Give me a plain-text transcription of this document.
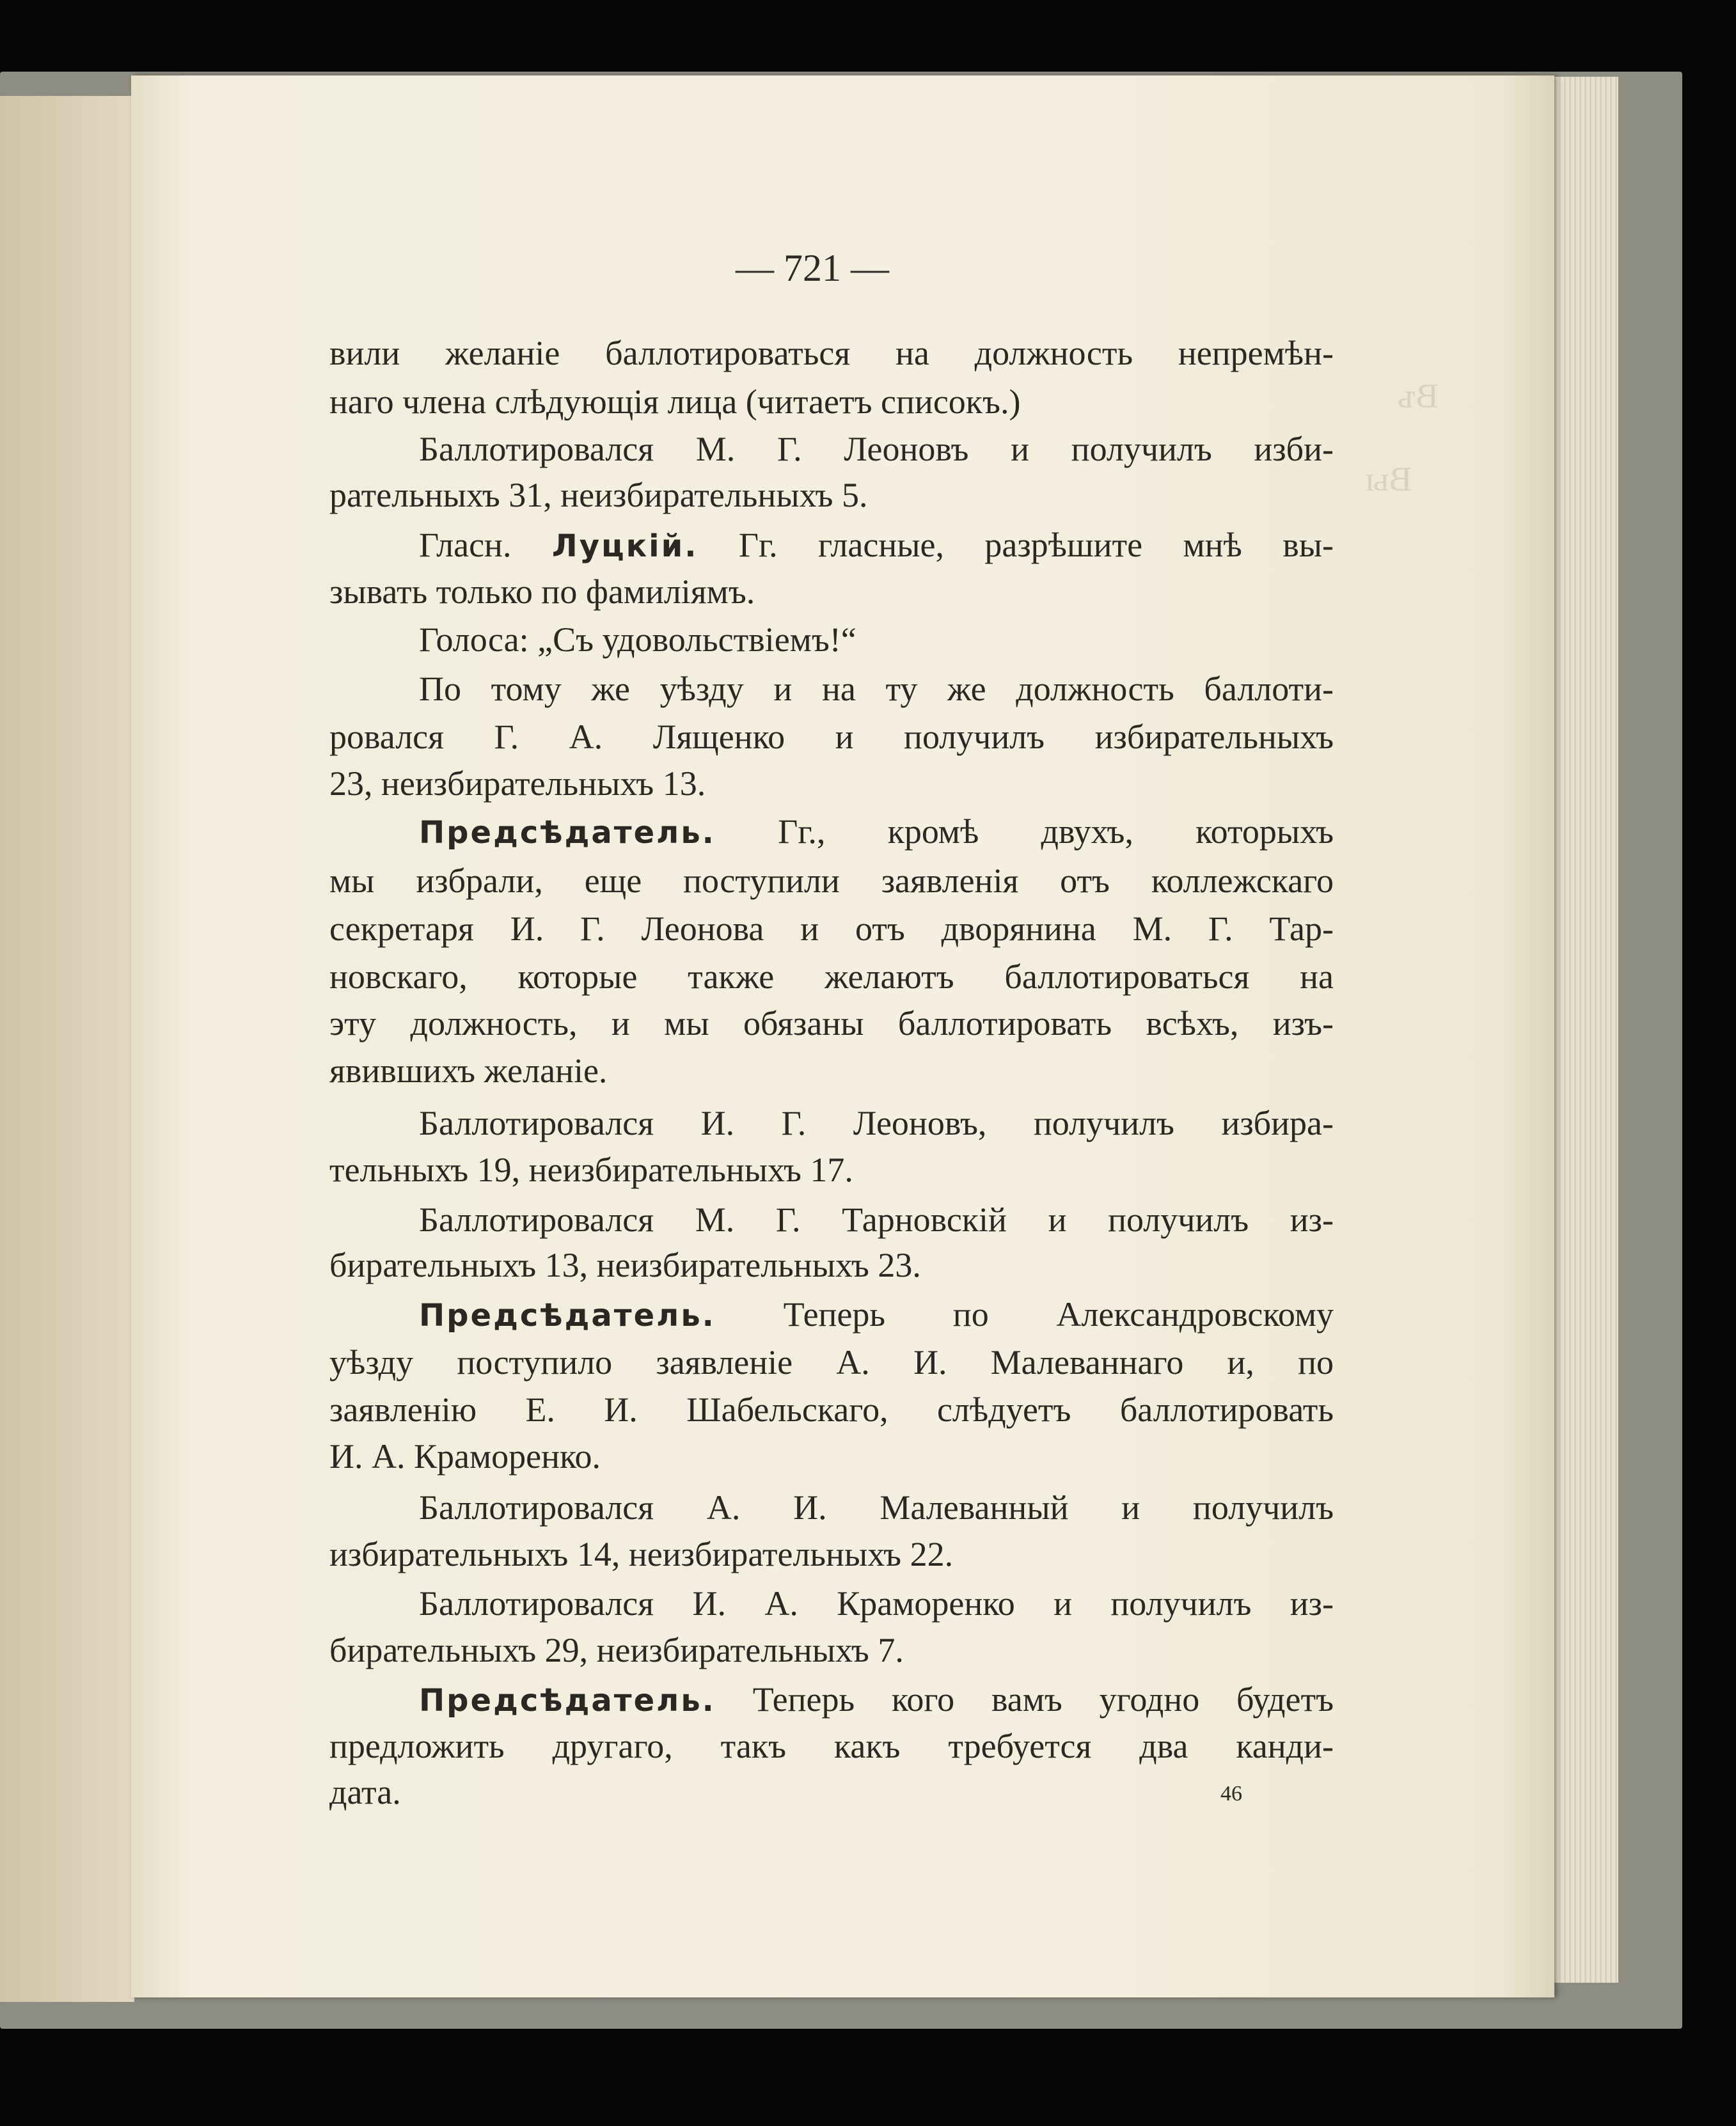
Въ
Вы
— 721 —
вили желаніе баллотироваться на должность непремѣн-
наго члена слѣдующія лица (читаетъ списокъ.)
Баллотировался М. Г. Леоновъ и получилъ изби-
рательныхъ 31, неизбирательныхъ 5.
Гласн. Луцкій. Гг. гласные, разрѣшите мнѣ вы-
зывать только по фамиліямъ.
Голоса: „Съ удовольствіемъ!“
По тому же уѣзду и на ту же должность баллоти-
ровался Г. А. Лященко и получилъ избирательныхъ
23, неизбирательныхъ 13.
Предсѣдатель. Гг., кромѣ двухъ, которыхъ
мы избрали, еще поступили заявленія отъ коллежскаго
секретаря И. Г. Леонова и отъ дворянина М. Г. Тар-
новскаго, которые также желаютъ баллотироваться на
эту должность, и мы обязаны баллотировать всѣхъ, изъ-
явившихъ желаніе.
Баллотировался И. Г. Леоновъ, получилъ избира-
тельныхъ 19, неизбирательныхъ 17.
Баллотировался М. Г. Тарновскій и получилъ из-
бирательныхъ 13, неизбирательныхъ 23.
Предсѣдатель. Теперь по Александровскому
уѣзду поступило заявленіе А. И. Малеваннаго и, по
заявленію Е. И. Шабельскаго, слѣдуетъ баллотировать
И. А. Краморенко.
Баллотировался А. И. Малеванный и получилъ
избирательныхъ 14, неизбирательныхъ 22.
Баллотировался И. А. Краморенко и получилъ из-
бирательныхъ 29, неизбирательныхъ 7.
Предсѣдатель. Теперь кого вамъ угодно будетъ
предложить другаго, такъ какъ требуется два канди-
дата.	46
